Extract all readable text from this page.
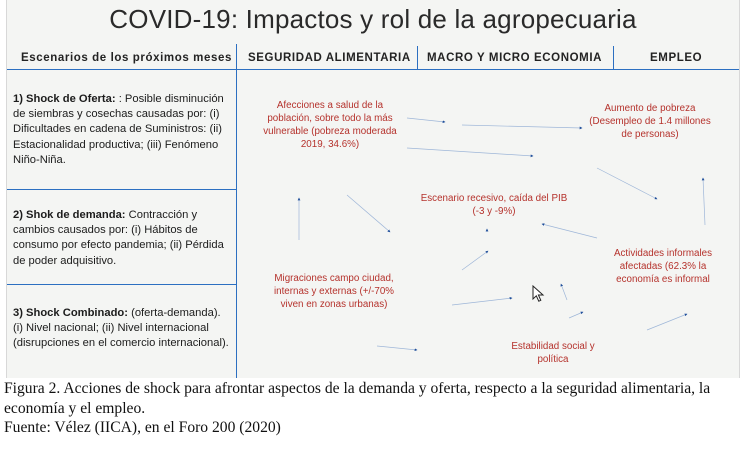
COVID-19: Impactos y rol de la agropecuaria
Escenarios de los próximos meses SEGURIDAD ALIMENTARIA MACRO Y MICRO ECONOMIA	EMPLEO
1) Shock de Oferta: : Posible disminución de siembras y cosechas causadas por: (i) Dificultades en cadena de Suministros: (ii) Estacionalidad productiva; (iii) Fenómeno Niño-Niña.
2) Shok de demanda: Contracción y cambios causados por: (i) Hábitos de consumo por efecto pandemia; (ii) Pérdida de poder adquisitivo.
3) Shock Combinado: (oferta-demanda). (i) Nivel nacional; (ii) Nivel internacional (disrupciones en el comercio internacional).
Afecciones a salud de la población, sobre todo la más vulnerable (pobreza moderada 2019, 34.6%)
Aumento de pobreza (Desempleo de 1.4 millones de personas)
Escenario recesivo, caída del PIB (-3 y -9%)
Actividades informales afectadas (62.3% la economía es informal
Migraciones campo ciudad, internas y externas (+/-70% viven en zonas urbanas)
Estabilidad social y política
Figura 2. Acciones de shock para afrontar aspectos de la demanda y oferta, respecto a la seguridad alimentaria, la economía y el empleo.
Fuente: Vélez (IICA), en el Foro 200 (2020)
